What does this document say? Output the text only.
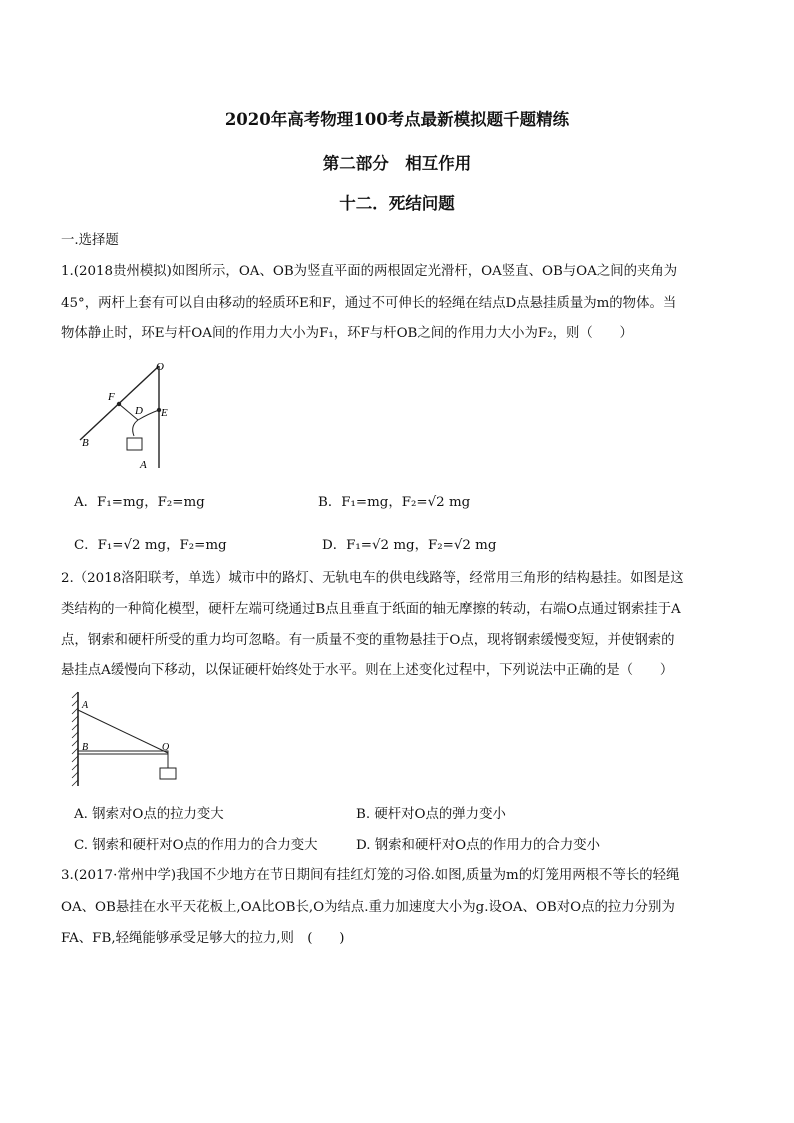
2020年高考物理100考点最新模拟题千题精练
第二部分　相互作用
十二．死结问题
一.选择题
1.(2018贵州模拟)如图所示，OA、OB为竖直平面的两根固定光滑杆，OA竖直、OB与OA之间的夹角为
45°，两杆上套有可以自由移动的轻质环E和F，通过不可伸长的轻绳在结点D点悬挂质量为m的物体。当
物体静止时，环E与杆OA间的作用力大小为F₁，环F与杆OB之间的作用力大小为F₂，则（　　）
O
F
D E
B
A
A．F₁=mg，F₂=mg	B．F₁=mg，F₂=√2 mg
C．F₁=√2 mg，F₂=mg	D．F₁=√2 mg，F₂=√2 mg
2.（2018洛阳联考，单选）城市中的路灯、无轨电车的供电线路等，经常用三角形的结构悬挂。如图是这
类结构的一种简化模型，硬杆左端可绕通过B点且垂直于纸面的轴无摩擦的转动，右端O点通过钢索挂于A
点，钢索和硬杆所受的重力均可忽略。有一质量不变的重物悬挂于O点，现将钢索缓慢变短，并使钢索的
悬挂点A缓慢向下移动，以保证硬杆始终处于水平。则在上述变化过程中，下列说法中正确的是（　　）
A
B	O
A. 钢索对O点的拉力变大	B. 硬杆对O点的弹力变小
C. 钢索和硬杆对O点的作用力的合力变大	D. 钢索和硬杆对O点的作用力的合力变小
3.(2017·常州中学)我国不少地方在节日期间有挂红灯笼的习俗.如图,质量为m的灯笼用两根不等长的轻绳
OA、OB悬挂在水平天花板上,OA比OB长,O为结点.重力加速度大小为g.设OA、OB对O点的拉力分别为
FA、FB,轻绳能够承受足够大的拉力,则　(　　)
